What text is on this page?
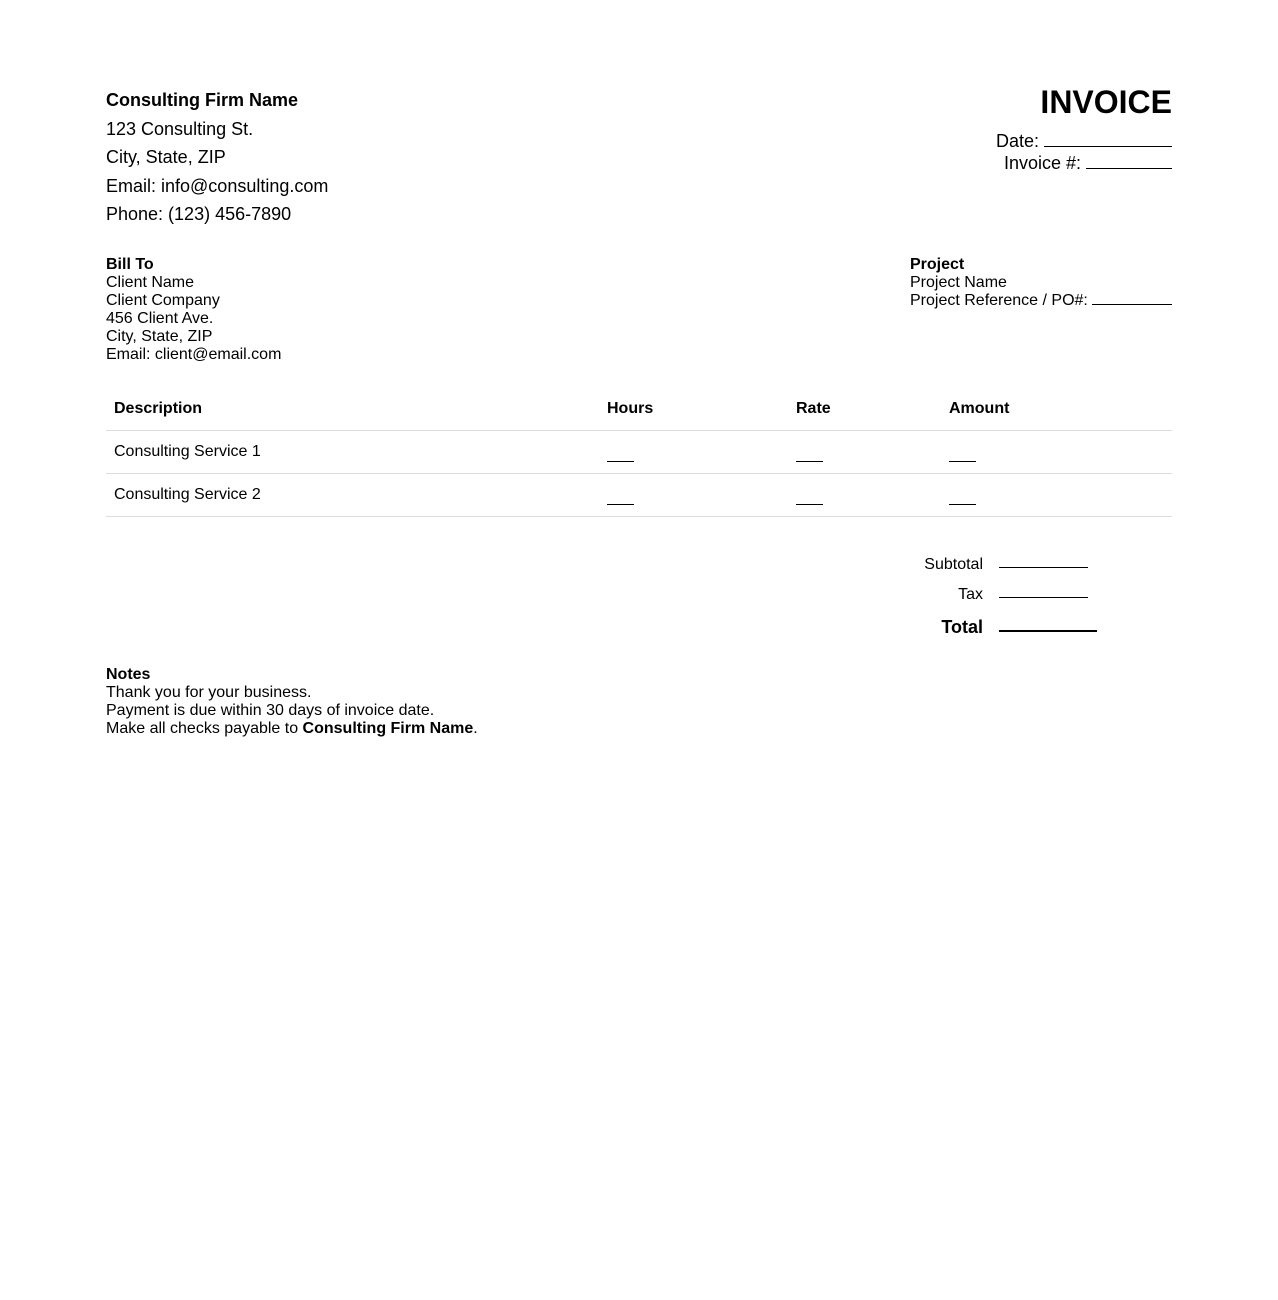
Consulting Firm Name
123 Consulting St.
City, State, ZIP
Email: info@consulting.com
Phone: (123) 456-7890
INVOICE
Date:
Invoice #:
Bill To
Client Name
Client Company
456 Client Ave.
City, State, ZIP
Email: client@email.com
Project
Project Name
Project Reference / PO#:
Description	Hours	Rate	Amount
Consulting Service 1			
Consulting Service 2			
Subtotal
Tax
Total
Notes
Thank you for your business.
Payment is due within 30 days of invoice date.
Make all checks payable to Consulting Firm Name.
